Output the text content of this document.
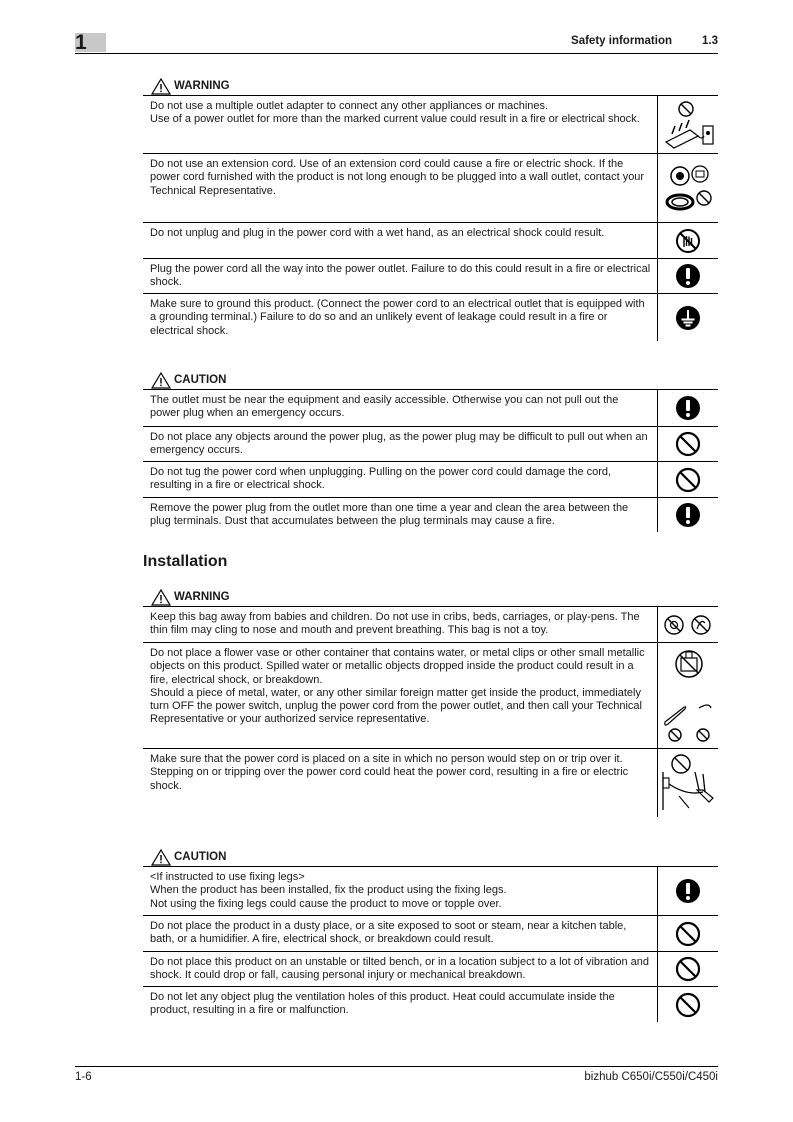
1	Safety information	1.3
WARNING
Do not use a multiple outlet adapter to connect any other appliances or machines.
Use of a power outlet for more than the marked current value could result in a fire or electrical shock.
Do not use an extension cord. Use of an extension cord could cause a fire or electric shock. If the power cord furnished with the product is not long enough to be plugged into a wall outlet, contact your Technical Representative.
Do not unplug and plug in the power cord with a wet hand, as an electrical shock could result.
Plug the power cord all the way into the power outlet. Failure to do this could result in a fire or electrical shock.
Make sure to ground this product. (Connect the power cord to an electrical outlet that is equipped with a grounding terminal.) Failure to do so and an unlikely event of leakage could result in a fire or electrical shock.
CAUTION
The outlet must be near the equipment and easily accessible. Otherwise you can not pull out the power plug when an emergency occurs.
Do not place any objects around the power plug, as the power plug may be difficult to pull out when an emergency occurs.
Do not tug the power cord when unplugging. Pulling on the power cord could damage the cord, resulting in a fire or electrical shock.
Remove the power plug from the outlet more than one time a year and clean the area between the plug terminals. Dust that accumulates between the plug terminals may cause a fire.
Installation
WARNING
Keep this bag away from babies and children. Do not use in cribs, beds, carriages, or play-pens. The thin film may cling to nose and mouth and prevent breathing. This bag is not a toy.
Do not place a flower vase or other container that contains water, or metal clips or other small metallic objects on this product. Spilled water or metallic objects dropped inside the product could result in a fire, electrical shock, or breakdown.
Should a piece of metal, water, or any other similar foreign matter get inside the product, immediately turn OFF the power switch, unplug the power cord from the power outlet, and then call your Technical Representative or your authorized service representative.
Make sure that the power cord is placed on a site in which no person would step on or trip over it. Stepping on or tripping over the power cord could heat the power cord, resulting in a fire or electric shock.
CAUTION
<If instructed to use fixing legs>
When the product has been installed, fix the product using the fixing legs.
Not using the fixing legs could cause the product to move or topple over.
Do not place the product in a dusty place, or a site exposed to soot or steam, near a kitchen table, bath, or a humidifier. A fire, electrical shock, or breakdown could result.
Do not place this product on an unstable or tilted bench, or in a location subject to a lot of vibration and shock. It could drop or fall, causing personal injury or mechanical breakdown.
Do not let any object plug the ventilation holes of this product. Heat could accumulate inside the product, resulting in a fire or malfunction.
1-6	bizhub C650i/C550i/C450i
